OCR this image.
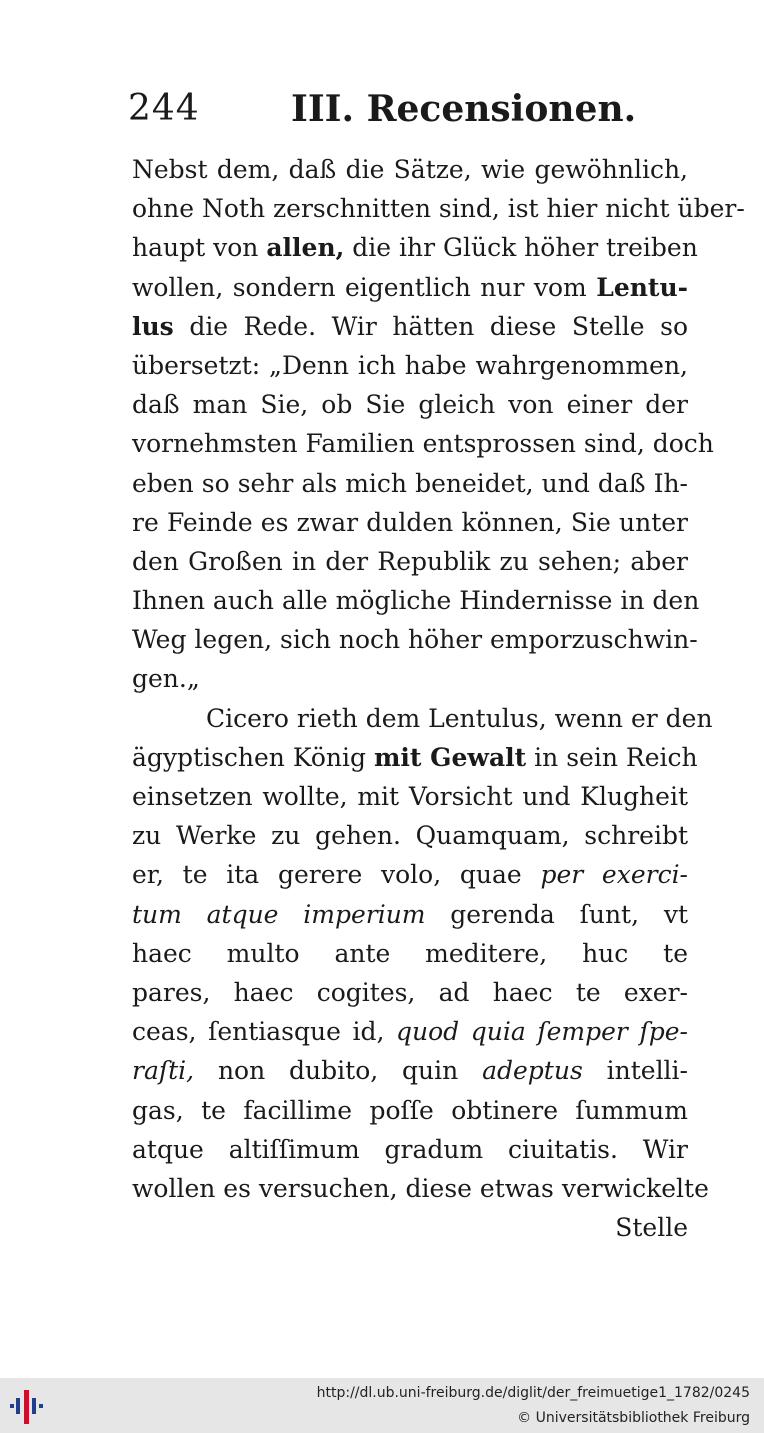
244	III. Recensionen.
Nebst dem, daß die Sätze, wie gewöhnlich,
ohne Noth zerschnitten sind, ist hier nicht über-
haupt von allen, die ihr Glück höher treiben
wollen, sondern eigentlich nur vom Lentu-
lus die Rede. Wir hätten diese Stelle so
übersetzt: „Denn ich habe wahrgenommen,
daß man Sie, ob Sie gleich von einer der
vornehmsten Familien entsprossen sind, doch
eben so sehr als mich beneidet, und daß Ih-
re Feinde es zwar dulden können, Sie unter
den Großen in der Republik zu sehen; aber
Ihnen auch alle mögliche Hindernisse in den
Weg legen, sich noch höher emporzuschwin-
gen.„
Cicero rieth dem Lentulus, wenn er den
ägyptischen König mit Gewalt in sein Reich
einsetzen wollte, mit Vorsicht und Klugheit
zu Werke zu gehen. Quamquam, schreibt
er, te ita gerere volo, quae per exerci-
tum atque imperium gerenda ſunt, vt
haec multo ante meditere, huc te
pares, haec cogites, ad haec te exer-
ceas, ſentiasque id, quod quia ſemper ſpe-
raſti, non dubito, quin adeptus intelli-
gas, te facillime poſſe obtinere ſummum
atque altiſſimum gradum ciuitatis. Wir
wollen es versuchen, diese etwas verwickelte
Stelle
http://dl.ub.uni-freiburg.de/diglit/der_freimuetige1_1782/0245
© Universitätsbibliothek Freiburg
